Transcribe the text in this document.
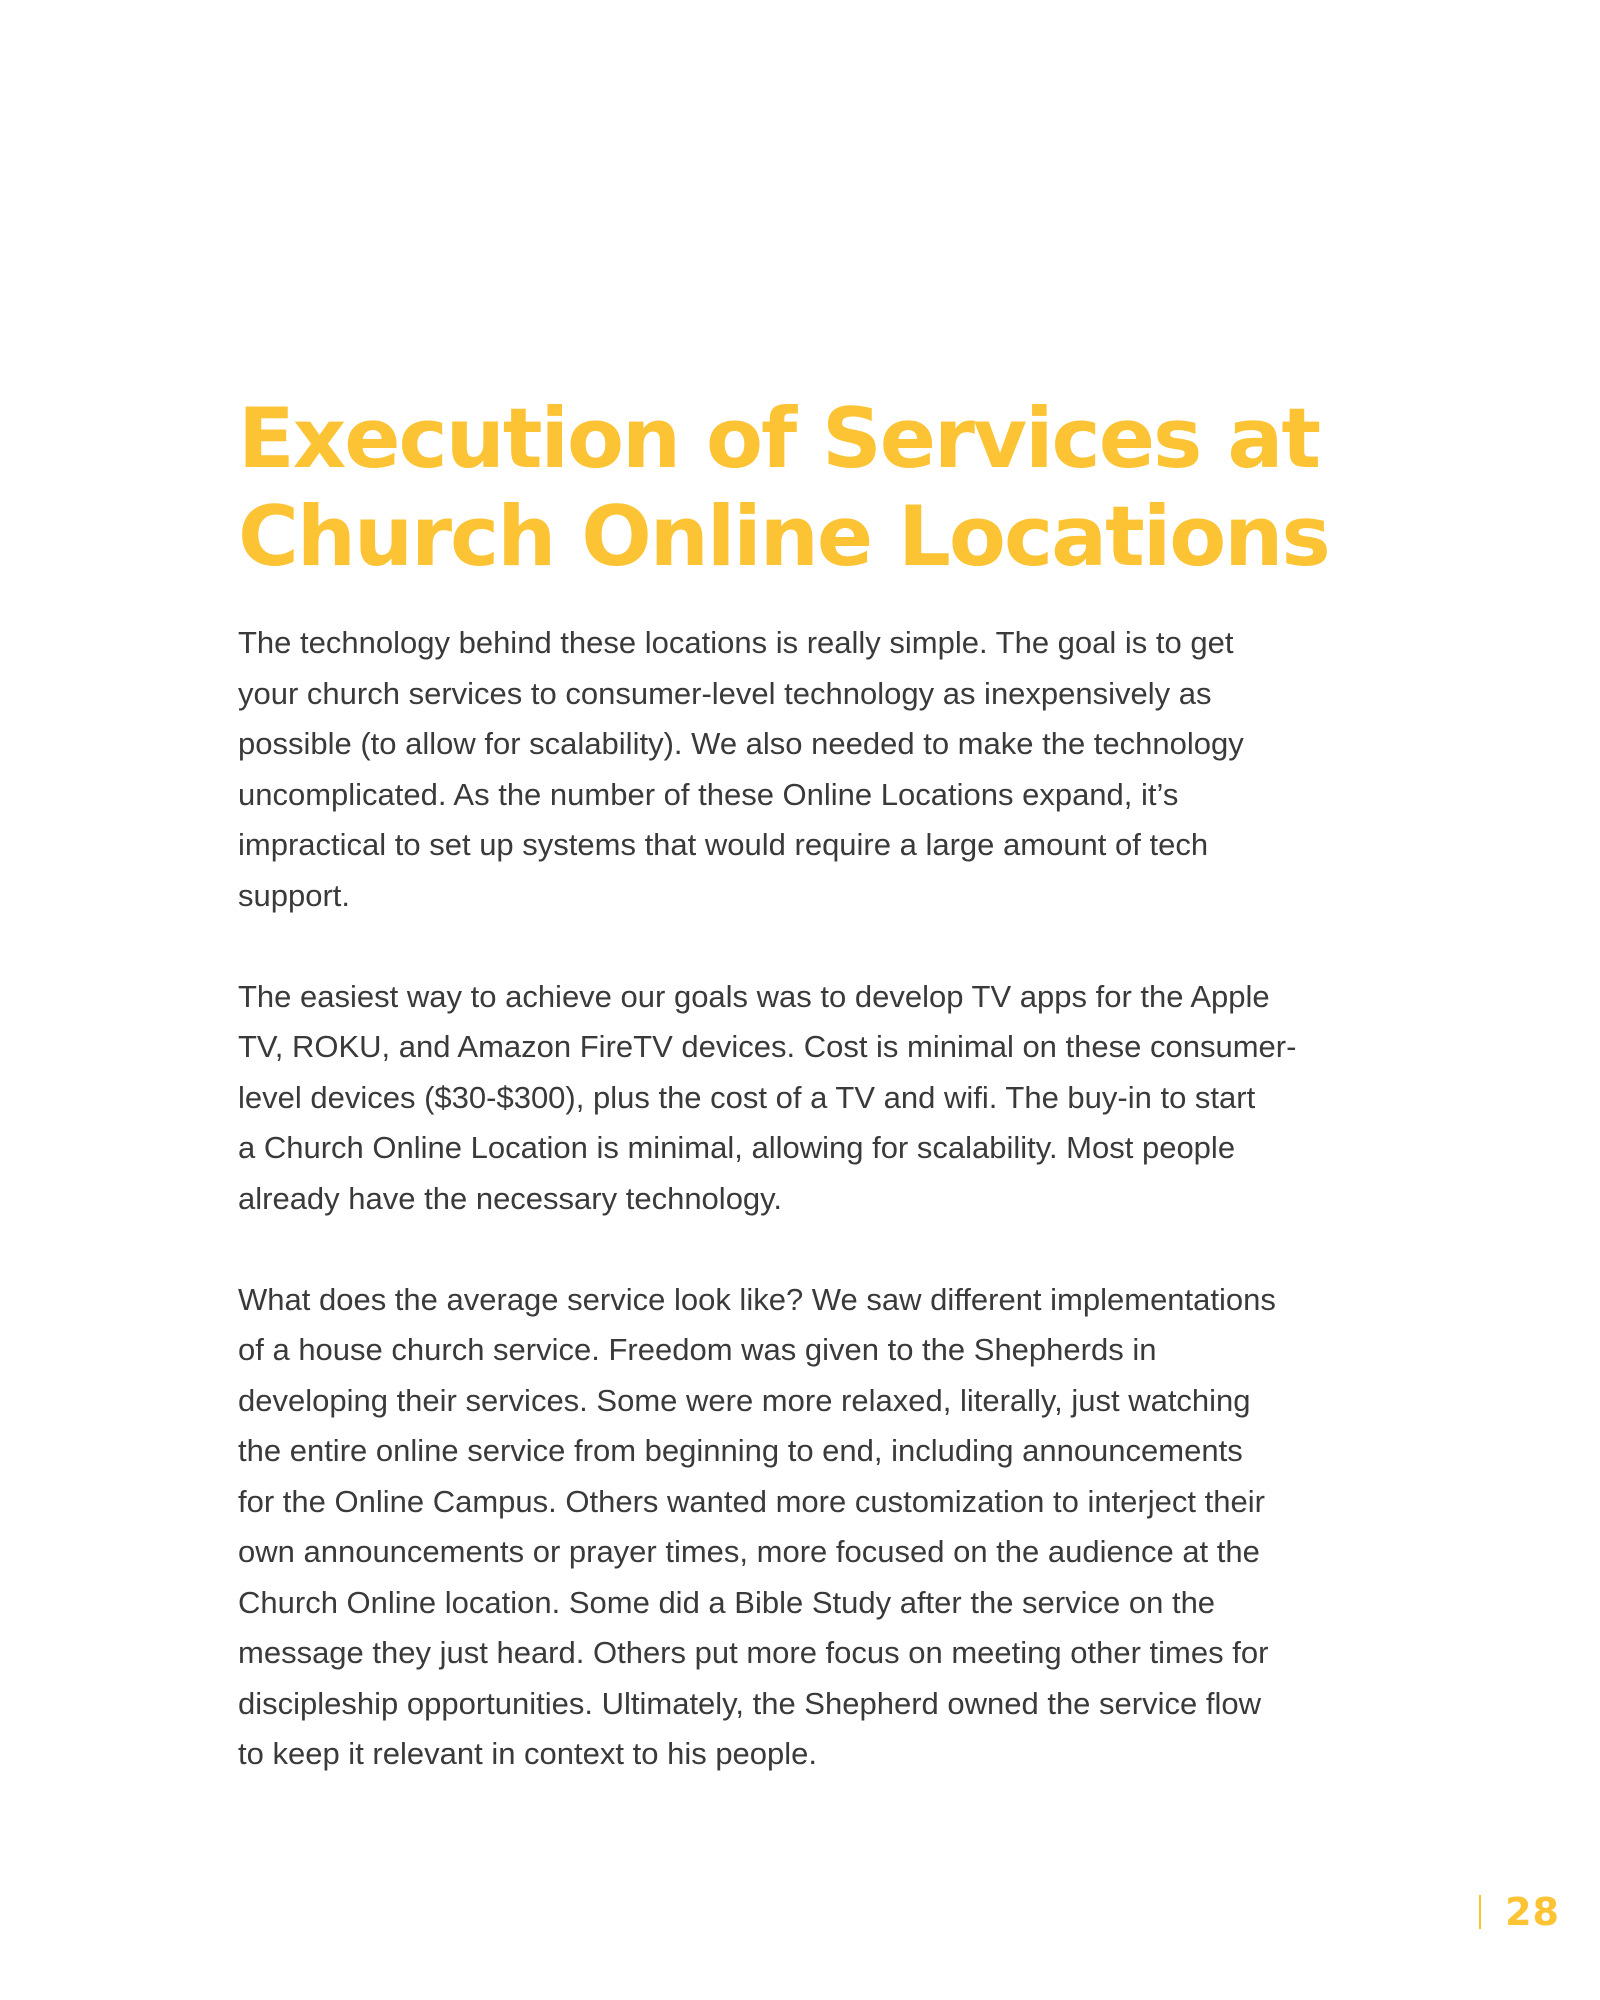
Execution of Services at
Church Online Locations

The technology behind these locations is really simple. The goal is to get
your church services to consumer-level technology as inexpensively as
possible (to allow for scalability). We also needed to make the technology
uncomplicated. As the number of these Online Locations expand, it’s
impractical to set up systems that would require a large amount of tech
support.

The easiest way to achieve our goals was to develop TV apps for the Apple
TV, ROKU, and Amazon FireTV devices. Cost is minimal on these consumer-
level devices ($30-$300), plus the cost of a TV and wifi. The buy-in to start
a Church Online Location is minimal, allowing for scalability. Most people
already have the necessary technology.

What does the average service look like? We saw different implementations
of a house church service. Freedom was given to the Shepherds in
developing their services. Some were more relaxed, literally, just watching
the entire online service from beginning to end, including announcements
for the Online Campus. Others wanted more customization to interject their
own announcements or prayer times, more focused on the audience at the
Church Online location. Some did a Bible Study after the service on the
message they just heard. Others put more focus on meeting other times for
discipleship opportunities. Ultimately, the Shepherd owned the service flow
to keep it relevant in context to his people.

28
